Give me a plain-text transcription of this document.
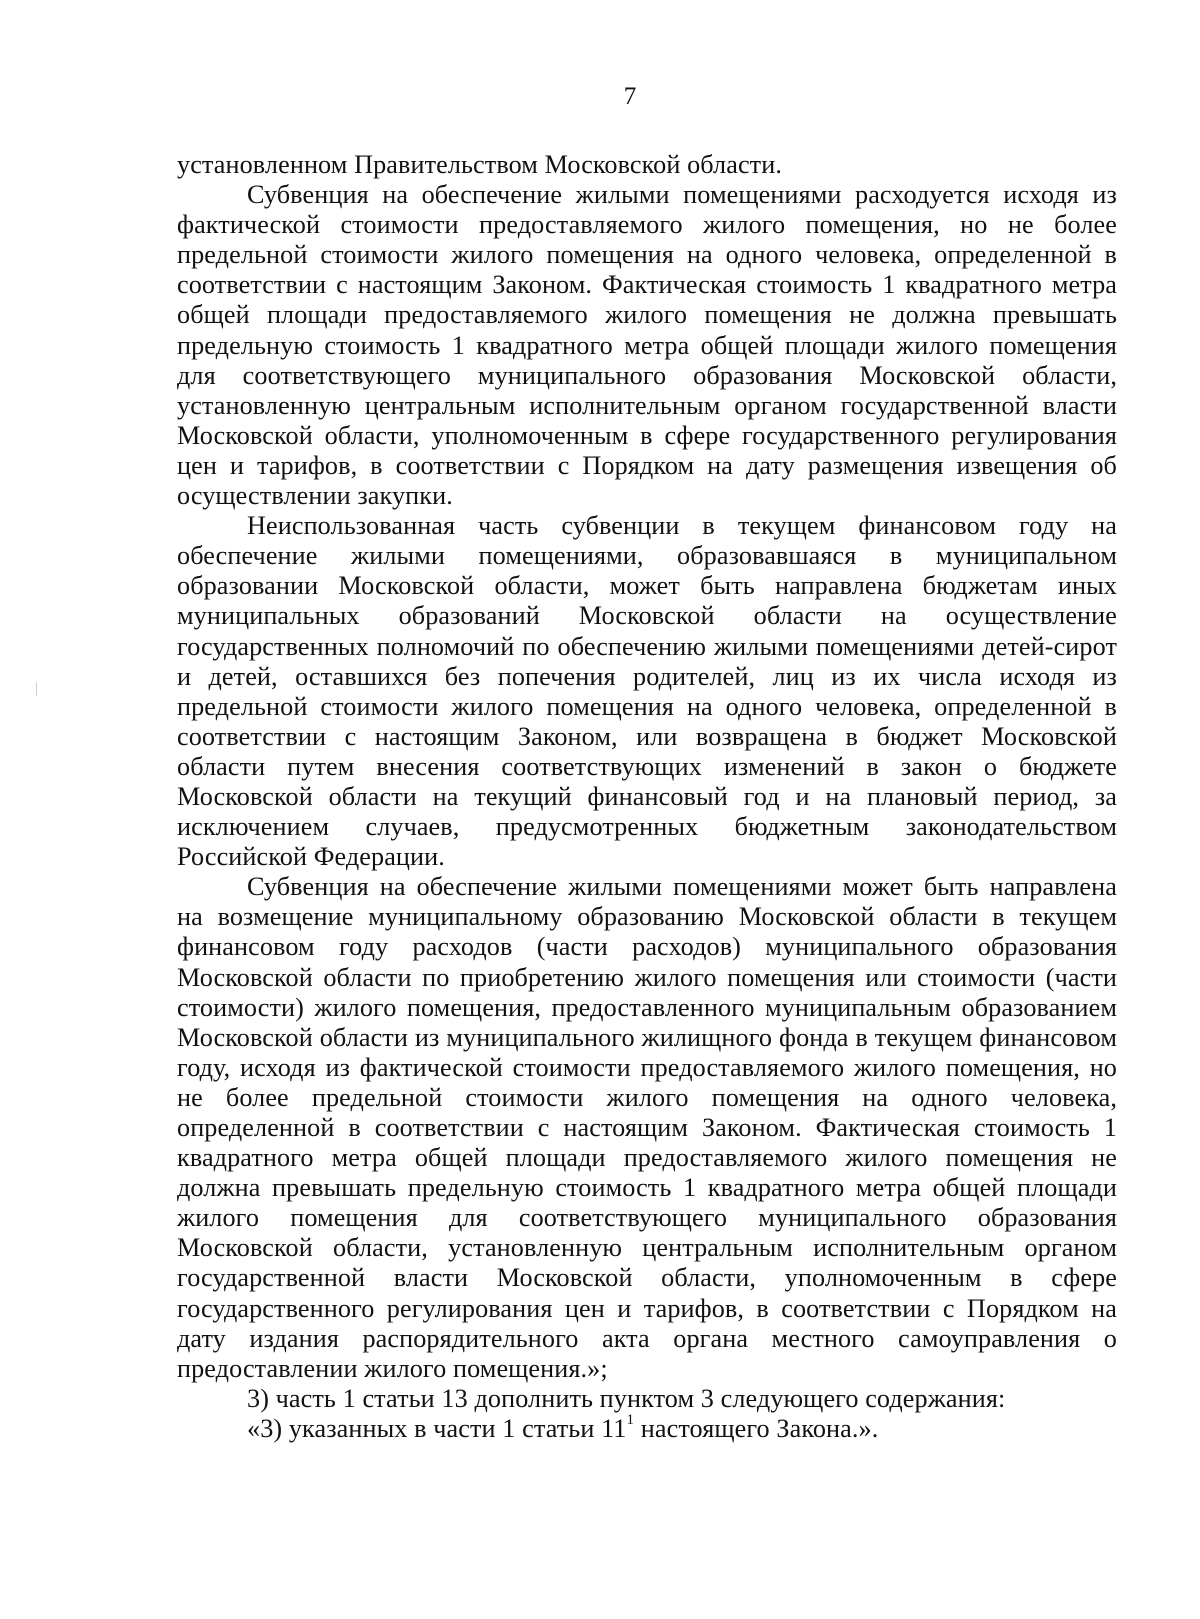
7

установленном Правительством Московской области.

Субвенция на обеспечение жилыми помещениями расходуется исходя из фактической стоимости предоставляемого жилого помещения, но не более предельной стоимости жилого помещения на одного человека, определенной в соответствии с настоящим Законом. Фактическая стоимость 1 квадратного метра общей площади предоставляемого жилого помещения не должна превышать предельную стоимость 1 квадратного метра общей площади жилого помещения для соответствующего муниципального образования Московской области, установленную центральным исполнительным органом государственной власти Московской области, уполномоченным в сфере государственного регулирования цен и тарифов, в соответствии с Порядком на дату размещения извещения об осуществлении закупки.

Неиспользованная часть субвенции в текущем финансовом году на обеспечение жилыми помещениями, образовавшаяся в муниципальном образовании Московской области, может быть направлена бюджетам иных муниципальных образований Московской области на осуществление государственных полномочий по обеспечению жилыми помещениями детей-сирот и детей, оставшихся без попечения родителей, лиц из их числа исходя из предельной стоимости жилого помещения на одного человека, определенной в соответствии с настоящим Законом, или возвращена в бюджет Московской области путем внесения соответствующих изменений в закон о бюджете Московской области на текущий финансовый год и на плановый период, за исключением случаев, предусмотренных бюджетным законодательством Российской Федерации.

Субвенция на обеспечение жилыми помещениями может быть направлена на возмещение муниципальному образованию Московской области в текущем финансовом году расходов (части расходов) муниципального образования Московской области по приобретению жилого помещения или стоимости (части стоимости) жилого помещения, предоставленного муниципальным образованием Московской области из муниципального жилищного фонда в текущем финансовом году, исходя из фактической стоимости предоставляемого жилого помещения, но не более предельной стоимости жилого помещения на одного человека, определенной в соответствии с настоящим Законом. Фактическая стоимость 1 квадратного метра общей площади предоставляемого жилого помещения не должна превышать предельную стоимость 1 квадратного метра общей площади жилого помещения для соответствующего муниципального образования Московской области, установленную центральным исполнительным органом государственной власти Московской области, уполномоченным в сфере государственного регулирования цен и тарифов, в соответствии с Порядком на дату издания распорядительного акта органа местного самоуправления о предоставлении жилого помещения.»;

3) часть 1 статьи 13 дополнить пунктом 3 следующего содержания:

«3) указанных в части 1 статьи $11^1$ настоящего Закона.».
